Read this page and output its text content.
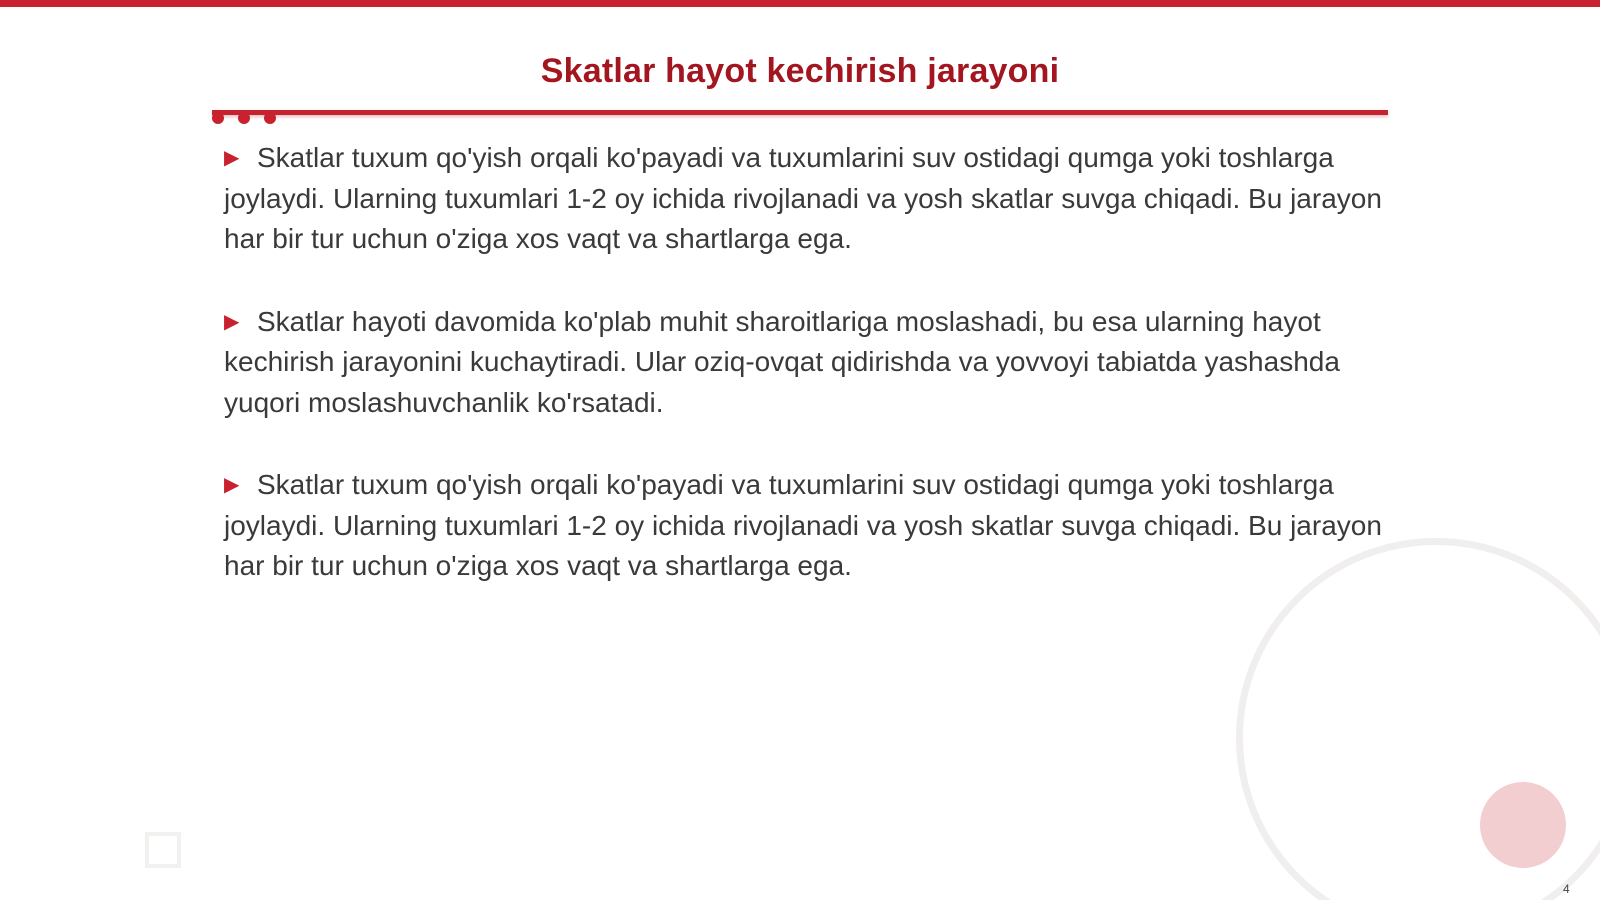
Skatlar hayot kechirish jarayoni

▶ Skatlar tuxum qo'yish orqali ko'payadi va tuxumlarini suv ostidagi qumga yoki toshlarga joylaydi. Ularning tuxumlari 1-2 oy ichida rivojlanadi va yosh skatlar suvga chiqadi. Bu jarayon har bir tur uchun o'ziga xos vaqt va shartlarga ega.

▶ Skatlar hayoti davomida ko'plab muhit sharoitlariga moslashadi, bu esa ularning hayot kechirish jarayonini kuchaytiradi. Ular oziq-ovqat qidirishda va yovvoyi tabiatda yashashda yuqori moslashuvchanlik ko'rsatadi.

▶ Skatlar tuxum qo'yish orqali ko'payadi va tuxumlarini suv ostidagi qumga yoki toshlarga joylaydi. Ularning tuxumlari 1-2 oy ichida rivojlanadi va yosh skatlar suvga chiqadi. Bu jarayon har bir tur uchun o'ziga xos vaqt va shartlarga ega.

4
